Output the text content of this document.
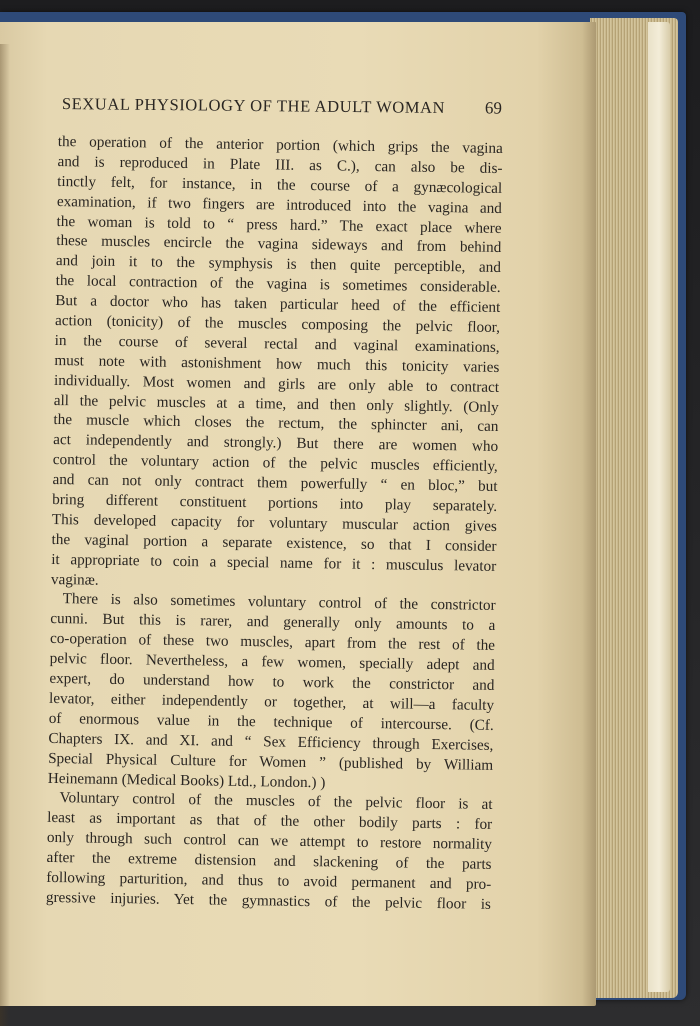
SEXUAL PHYSIOLOGY OF THE ADULT WOMAN 69
the operation of the anterior portion (which grips the vagina
and is reproduced in Plate III. as C.), can also be dis-
tinctly felt, for instance, in the course of a gynæcological
examination, if two fingers are introduced into the vagina and
the woman is told to “ press hard.” The exact place where
these muscles encircle the vagina sideways and from behind
and join it to the symphysis is then quite perceptible, and
the local contraction of the vagina is sometimes considerable.
But a doctor who has taken particular heed of the efficient
action (tonicity) of the muscles composing the pelvic floor,
in the course of several rectal and vaginal examinations,
must note with astonishment how much this tonicity varies
individually. Most women and girls are only able to contract
all the pelvic muscles at a time, and then only slightly. (Only
the muscle which closes the rectum, the sphincter ani, can
act independently and strongly.) But there are women who
control the voluntary action of the pelvic muscles efficiently,
and can not only contract them powerfully “ en bloc,” but
bring different constituent portions into play separately.
This developed capacity for voluntary muscular action gives
the vaginal portion a separate existence, so that I consider
it appropriate to coin a special name for it : musculus levator
vaginæ.
There is also sometimes voluntary control of the constrictor
cunni. But this is rarer, and generally only amounts to a
co-operation of these two muscles, apart from the rest of the
pelvic floor. Nevertheless, a few women, specially adept and
expert, do understand how to work the constrictor and
levator, either independently or together, at will—a faculty
of enormous value in the technique of intercourse. (Cf.
Chapters IX. and XI. and “ Sex Efficiency through Exercises,
Special Physical Culture for Women ” (published by William
Heinemann (Medical Books) Ltd., London.) )
Voluntary control of the muscles of the pelvic floor is at
least as important as that of the other bodily parts : for
only through such control can we attempt to restore normality
after the extreme distension and slackening of the parts
following parturition, and thus to avoid permanent and pro-
gressive injuries. Yet the gymnastics of the pelvic floor is
